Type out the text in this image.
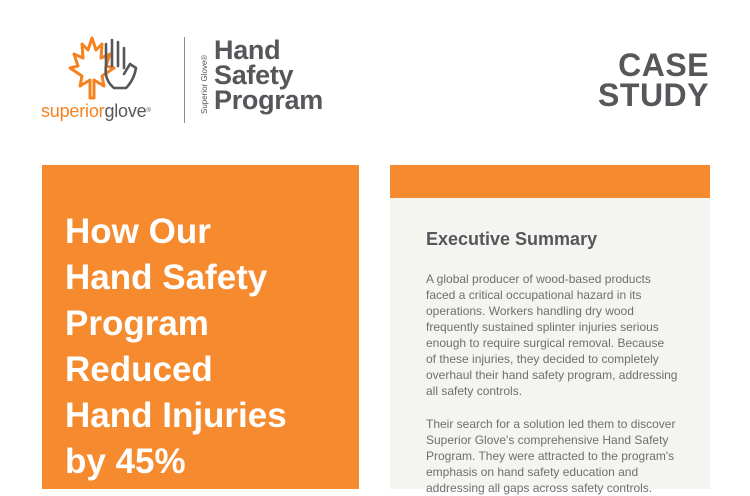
superiorglove®	Superior Glove®
Hand
Safety
Program
CASE
STUDY
How Our
Hand Safety
Program
Reduced
Hand Injuries
by 45%
Executive Summary
A global producer of wood-based products
faced a critical occupational hazard in its
operations. Workers handling dry wood
frequently sustained splinter injuries serious
enough to require surgical removal. Because
of these injuries, they decided to completely
overhaul their hand safety program, addressing
all safety controls.
Their search for a solution led them to discover
Superior Glove's comprehensive Hand Safety
Program. They were attracted to the program's
emphasis on hand safety education and
addressing all gaps across safety controls.
